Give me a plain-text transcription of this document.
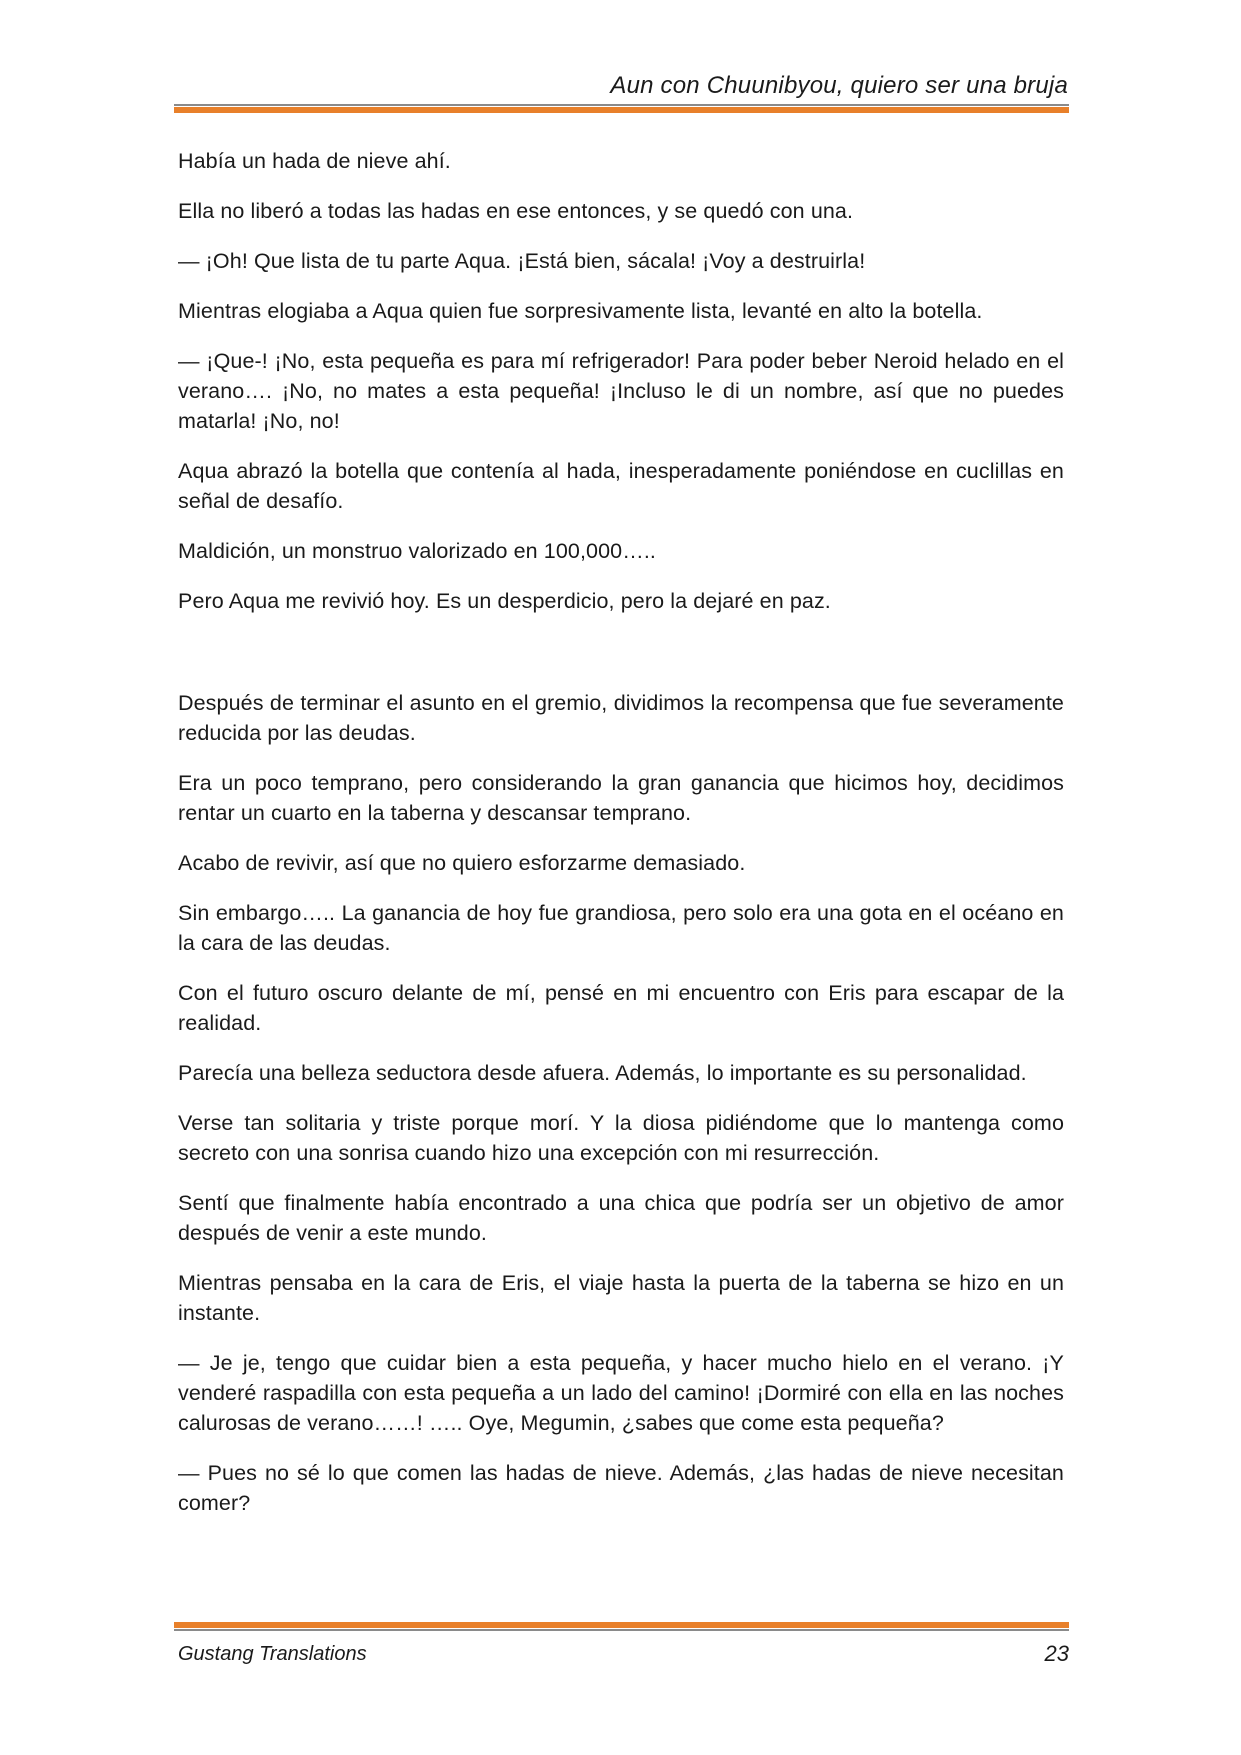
Aun con Chuunibyou, quiero ser una bruja

Había un hada de nieve ahí.

Ella no liberó a todas las hadas en ese entonces, y se quedó con una.

— ¡Oh! Que lista de tu parte Aqua. ¡Está bien, sácala! ¡Voy a destruirla!

Mientras elogiaba a Aqua quien fue sorpresivamente lista, levanté en alto la botella.

— ¡Que-! ¡No, esta pequeña es para mí refrigerador! Para poder beber Neroid helado en el verano…. ¡No, no mates a esta pequeña! ¡Incluso le di un nombre, así que no puedes matarla! ¡No, no!

Aqua abrazó la botella que contenía al hada, inesperadamente poniéndose en cuclillas en señal de desafío.

Maldición, un monstruo valorizado en 100,000…..

Pero Aqua me revivió hoy. Es un desperdicio, pero la dejaré en paz.

Después de terminar el asunto en el gremio, dividimos la recompensa que fue severamente reducida por las deudas.

Era un poco temprano, pero considerando la gran ganancia que hicimos hoy, decidimos rentar un cuarto en la taberna y descansar temprano.

Acabo de revivir, así que no quiero esforzarme demasiado.

Sin embargo….. La ganancia de hoy fue grandiosa, pero solo era una gota en el océano en la cara de las deudas.

Con el futuro oscuro delante de mí, pensé en mi encuentro con Eris para escapar de la realidad.

Parecía una belleza seductora desde afuera. Además, lo importante es su personalidad.

Verse tan solitaria y triste porque morí. Y la diosa pidiéndome que lo mantenga como secreto con una sonrisa cuando hizo una excepción con mi resurrección.

Sentí que finalmente había encontrado a una chica que podría ser un objetivo de amor después de venir a este mundo.

Mientras pensaba en la cara de Eris, el viaje hasta la puerta de la taberna se hizo en un instante.

— Je je, tengo que cuidar bien a esta pequeña, y hacer mucho hielo en el verano. ¡Y venderé raspadilla con esta pequeña a un lado del camino! ¡Dormiré con ella en las noches calurosas de verano……! ….. Oye, Megumin, ¿sabes que come esta pequeña?

— Pues no sé lo que comen las hadas de nieve. Además, ¿las hadas de nieve necesitan comer?

Gustang Translations	23
